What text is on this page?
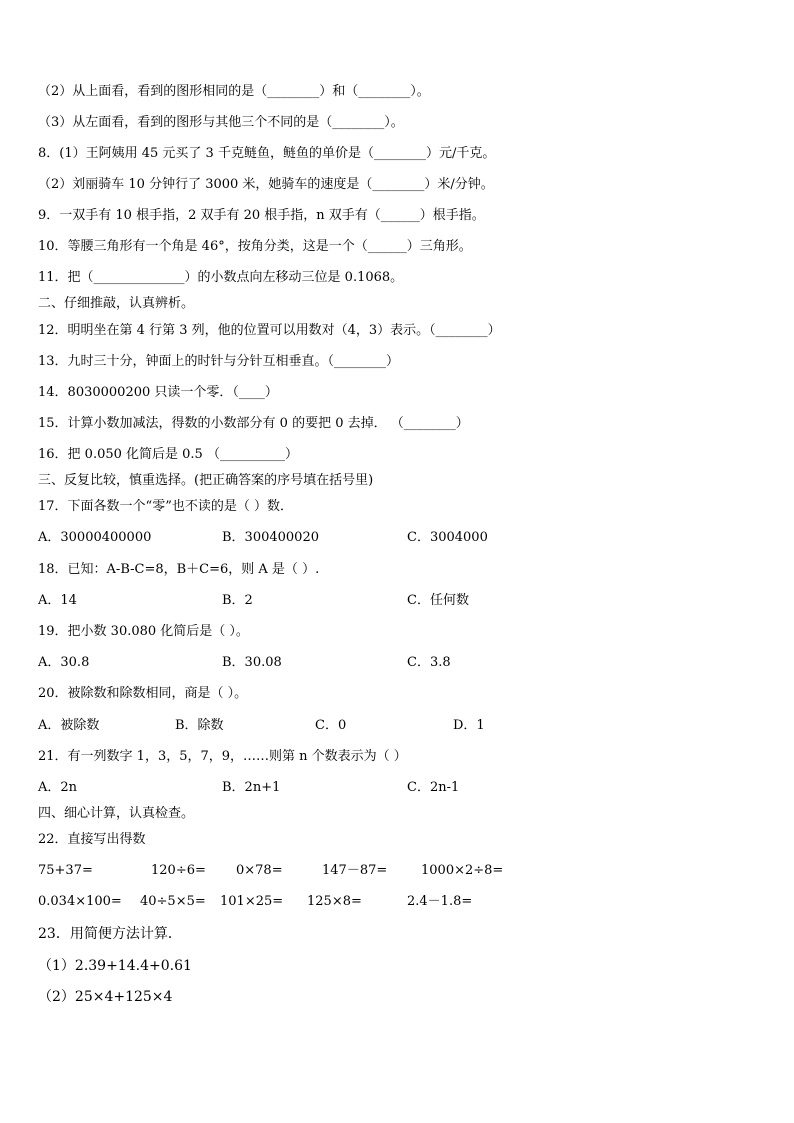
（2）从上面看，看到的图形相同的是（________）和（________）。
（3）从左面看，看到的图形与其他三个不同的是（________）。
8．(1）王阿姨用 45 元买了 3 千克鲢鱼，鲢鱼的单价是（________）元/千克。
（2）刘丽骑车 10 分钟行了 3000 米，她骑车的速度是（________）米/分钟。
9．一双手有 10 根手指，2 双手有 20 根手指，n 双手有（______）根手指。
10．等腰三角形有一个角是 46°，按角分类，这是一个（______）三角形。
11．把（______________）的小数点向左移动三位是 0.1068。
二、仔细推敲，认真辨析。
12．明明坐在第 4 行第 3 列，他的位置可以用数对（4，3）表示。（________）
13．九时三十分，钟面上的时针与分针互相垂直。（________）
14．8030000200 只读一个零．（____）
15．计算小数加减法，得数的小数部分有 0 的要把 0 去掉． （________）
16．把 0.050 化简后是 0.5 （__________）
三、反复比较，慎重选择。(把正确答案的序号填在括号里)
17．下面各数一个“零”也不读的是（ ）数．
A．30000400000	B．300400020	C．3004000
18．已知：A-B-C=8，B＋C=6，则 A 是（ ）.
A．14	B．2	C．任何数
19．把小数 30.080 化简后是（ ）。
A．30.8	B．30.08	C．3.8
20．被除数和除数相同，商是（ ）。
A．被除数	B．除数	C．0	D．1
21．有一列数字 1，3，5，7，9，……则第 n 个数表示为（ ）
A．2n	B．2n+1	C．2n-1
四、细心计算，认真检查。
22．直接写出得数
75+37=	120÷6= 0×78=	147－87=	1000×2÷8=
0.034×100= 40÷5×5= 101×25= 125×8=	2.4－1.8=
23．用简便方法计算．
（1）2.39+14.4+0.61
（2）25×4+125×4
